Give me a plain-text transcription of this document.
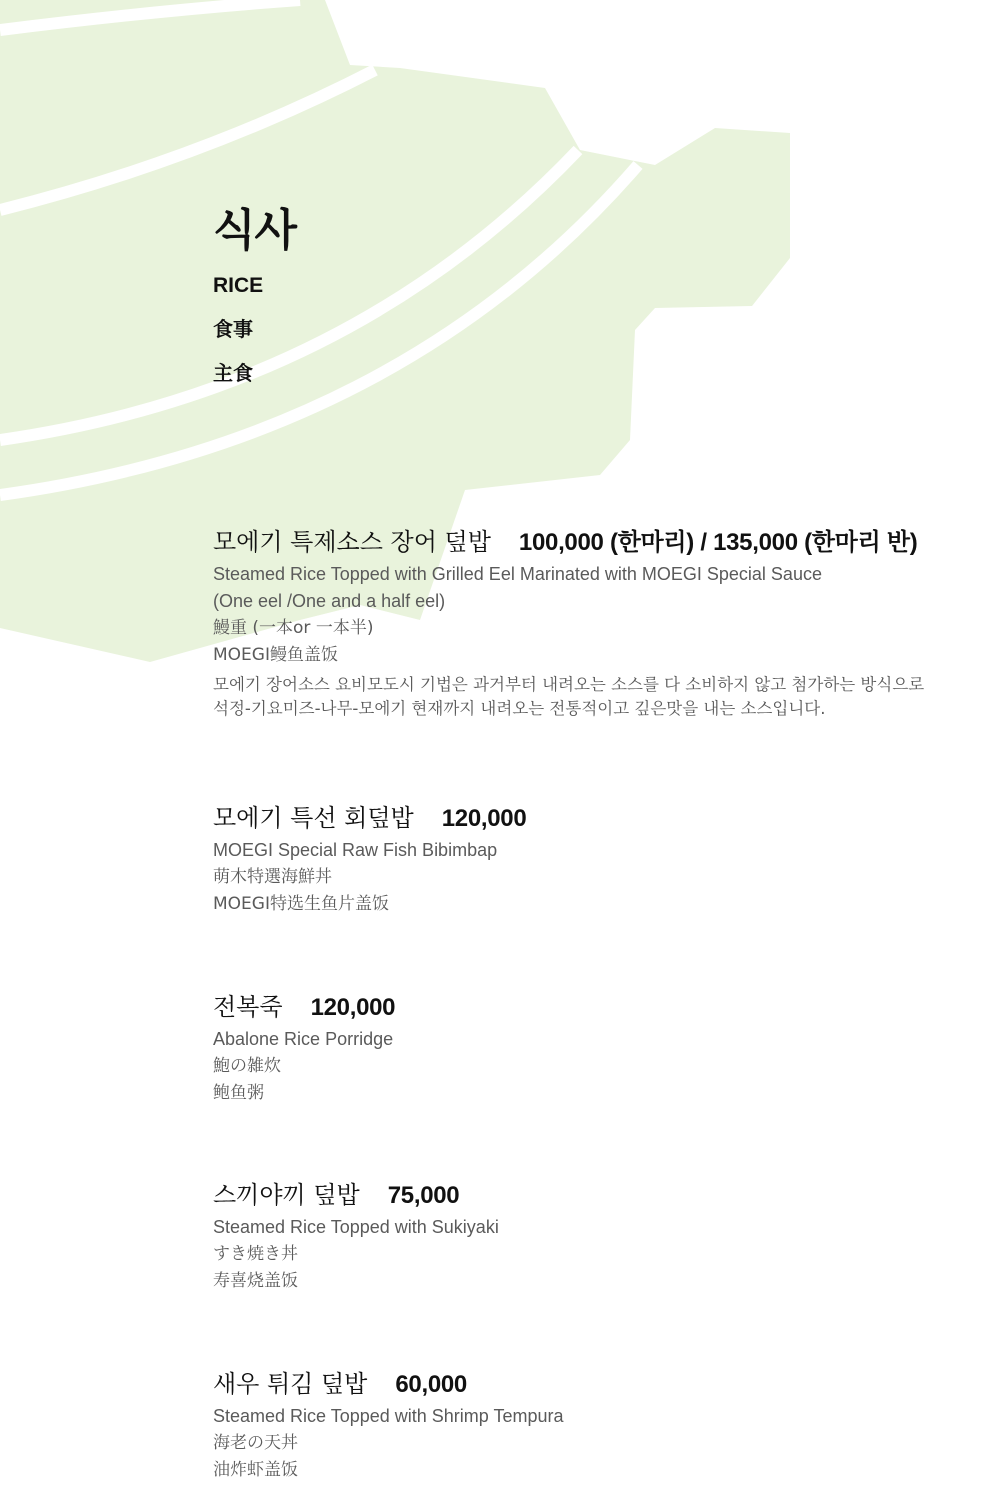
식사
RICE
食事
主食
모에기 특제소스 장어 덮밥 100,000 (한마리) / 135,000 (한마리 반)
Steamed Rice Topped with Grilled Eel Marinated with MOEGI Special Sauce
(One eel /One and a half eel)
鰻重 (一本or 一本半)
MOEGI鳗鱼盖饭
모에기 장어소스 요비모도시 기법은 과거부터 내려오는 소스를 다 소비하지 않고 첨가하는 방식으로
석정-기요미즈-나무-모에기 현재까지 내려오는 전통적이고 깊은맛을 내는 소스입니다.
모에기 특선 회덮밥 120,000
MOEGI Special Raw Fish Bibimbap
萌木特選海鮮丼
MOEGI特选生鱼片盖饭
전복죽 120,000
Abalone Rice Porridge
鮑の雑炊
鲍鱼粥
스끼야끼 덮밥 75,000
Steamed Rice Topped with Sukiyaki
すき焼き丼
寿喜烧盖饭
새우 튀김 덮밥 60,000
Steamed Rice Topped with Shrimp Tempura
海老の天丼
油炸虾盖饭
